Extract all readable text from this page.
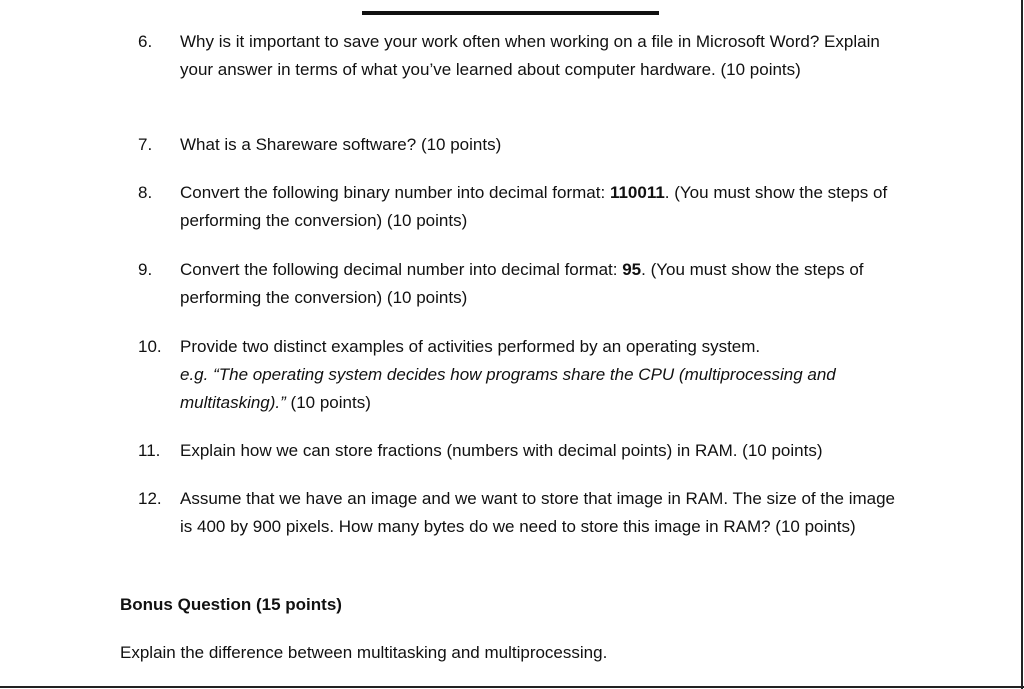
6. Why is it important to save your work often when working on a file in Microsoft Word? Explain your answer in terms of what you’ve learned about computer hardware. (10 points)
7. What is a Shareware software? (10 points)
8. Convert the following binary number into decimal format: 110011. (You must show the steps of performing the conversion) (10 points)
9. Convert the following decimal number into decimal format: 95. (You must show the steps of performing the conversion) (10 points)
10. Provide two distinct examples of activities performed by an operating system.
e.g. “The operating system decides how programs share the CPU (multiprocessing and multitasking).” (10 points)
11. Explain how we can store fractions (numbers with decimal points) in RAM. (10 points)
12. Assume that we have an image and we want to store that image in RAM. The size of the image is 400 by 900 pixels. How many bytes do we need to store this image in RAM? (10 points)
Bonus Question (15 points)
Explain the difference between multitasking and multiprocessing.
